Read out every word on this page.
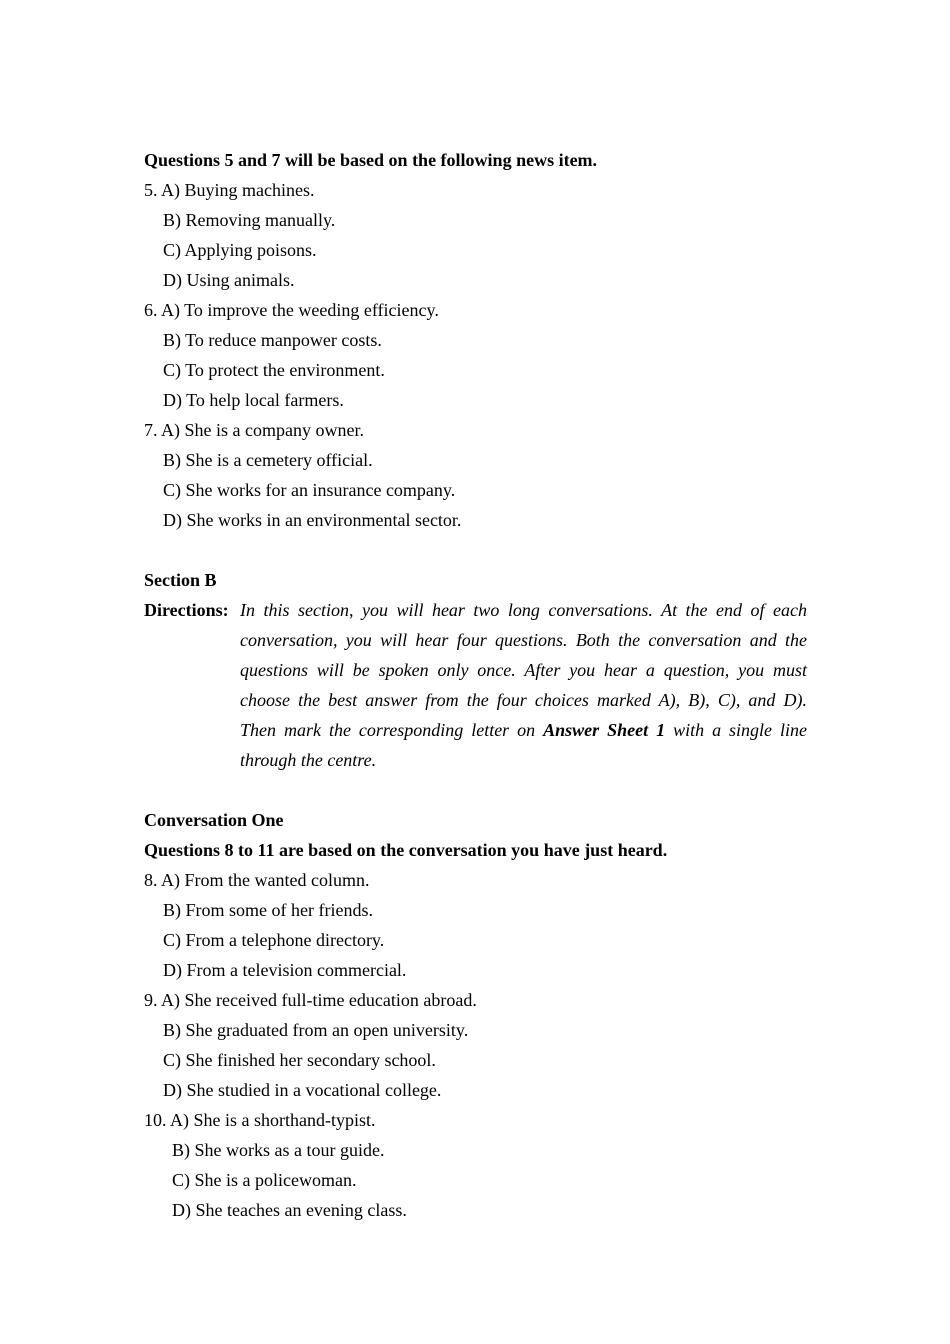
Questions 5 and 7 will be based on the following news item.
5. A) Buying machines.
B) Removing manually.
C) Applying poisons.
D) Using animals.
6. A) To improve the weeding efficiency.
B) To reduce manpower costs.
C) To protect the environment.
D) To help local farmers.
7. A) She is a company owner.
B) She is a cemetery official.
C) She works for an insurance company.
D) She works in an environmental sector.
Section B
Directions: In this section, you will hear two long conversations. At the end of each
conversation, you will hear four questions. Both the conversation and the
questions will be spoken only once. After you hear a question, you must
choose the best answer from the four choices marked A), B), C), and D).
Then mark the corresponding letter on Answer Sheet 1 with a single line
through the centre.
Conversation One
Questions 8 to 11 are based on the conversation you have just heard.
8. A) From the wanted column.
B) From some of her friends.
C) From a telephone directory.
D) From a television commercial.
9. A) She received full-time education abroad.
B) She graduated from an open university.
C) She finished her secondary school.
D) She studied in a vocational college.
10. A) She is a shorthand-typist.
B) She works as a tour guide.
C) She is a policewoman.
D) She teaches an evening class.
